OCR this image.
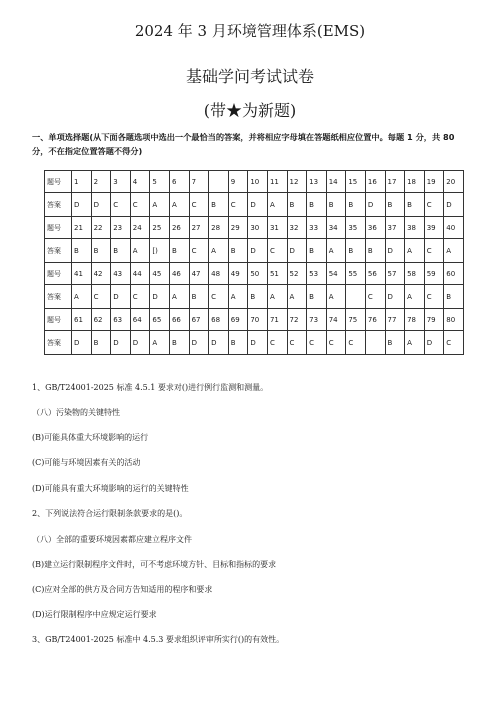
2024 年 3 月环境管理体系(EMS)
基础学问考试试卷
(带★为新题)
一、单项选择题(从下面各题选项中选出一个最恰当的答案，并将相应字母填在答题纸相应位置中。每题 1 分，共 80 分，不在指定位置答题不得分)
题号	1	2	3	4	5	6	7		9	10	11	12	13	14	15	16	17	18	19	20
答案	D	D	C	C	A	A	C	B	C	D	A	B	B	B	B	D	B	B	C	D
题号	21	22	23	24	25	26	27	28	29	30	31	32	33	34	35	36	37	38	39	40
答案	B	B	B	A	[)	B	C	A	B	D	C	D	B	A	B	B	D	A	C	A
题号	41	42	43	44	45	46	47	48	49	50	51	52	53	54	55	56	57	58	59	60
答案	A	C	D	C	D	A	B	C	A	B	A	A	B	A		C	D	A	C	B
题号	61	62	63	64	65	66	67	68	69	70	71	72	73	74	75	76	77	78	79	80
答案	D	B	D	D	A	B	D	D	B	D	C	C	C	C	C		B	A	D	C
1、GB/T24001-2025 标准 4.5.1 要求对()进行例行监测和测量。
（八）污染物的关键特性
(B)可能具体重大环境影响的运行
(C)可能与环境因素有关的活动
(D)可能具有重大环境影响的运行的关键特性
2、下列说法符合运行限制条款要求的是()。
（八）全部的重要环境因素都应建立程序文件
(B)建立运行限制程序文件时，可不考虑环境方针、目标和指标的要求
(C)应对全部的供方及合同方告知适用的程序和要求
(D)运行限制程序中应规定运行要求
3、GB/T24001-2025 标准中 4.5.3 要求组织评审所实行()的有效性。
